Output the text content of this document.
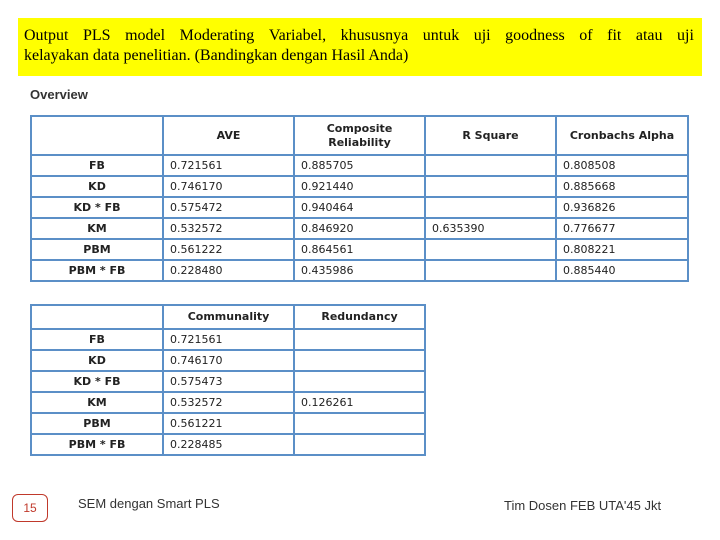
Output PLS model Moderating Variabel, khususnya untuk uji goodness of fit atau uji
kelayakan data penelitian. (Bandingkan dengan Hasil Anda)
Overview
	AVE	Composite Reliability	R Square	Cronbachs Alpha
FB	0.721561	0.885705		0.808508
KD	0.746170	0.921440		0.885668
KD * FB	0.575472	0.940464		0.936826
KM	0.532572	0.846920	0.635390	0.776677
PBM	0.561222	0.864561		0.808221
PBM * FB	0.228480	0.435986		0.885440
	Communality	Redundancy
FB	0.721561	
KD	0.746170	
KD * FB	0.575473	
KM	0.532572	0.126261
PBM	0.561221	
PBM * FB	0.228485	
15	SEM dengan Smart PLS	Tim Dosen FEB UTA'45 Jkt
